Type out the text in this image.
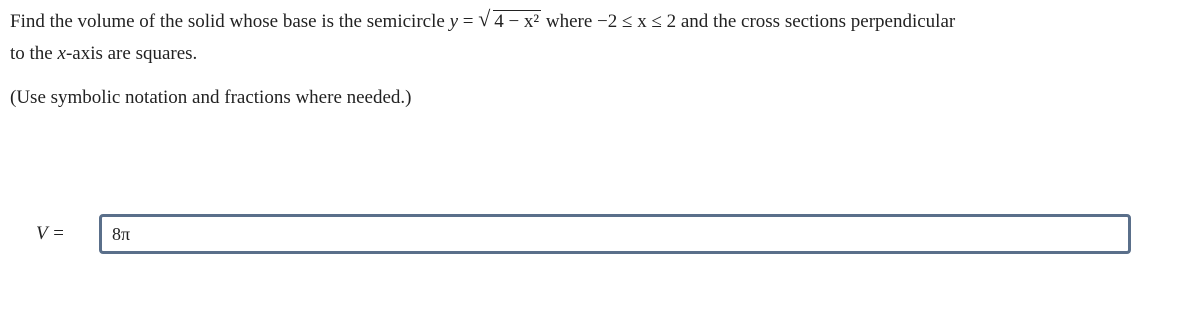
Find the volume of the solid whose base is the semicircle y = √ 4 − x² where −2 ≤ x ≤ 2 and the cross sections perpendicular

to the x-axis are squares.

(Use symbolic notation and fractions where needed.)
V =
8π
